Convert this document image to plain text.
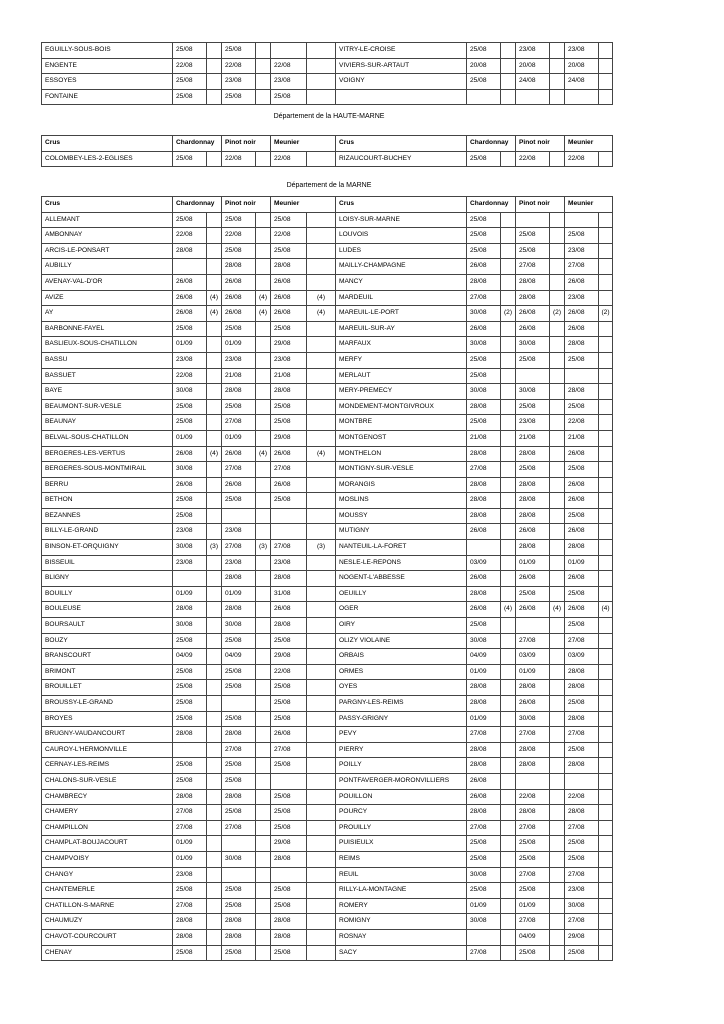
EGUILLY-SOUS-BOIS	25/08		25/08				VITRY-LE-CROISE	25/08		23/08		23/08	
ENGENTE	22/08		22/08		22/08		VIVIERS-SUR-ARTAUT	20/08		20/08		20/08	
ESSOYES	25/08		23/08		23/08		VOIGNY	25/08		24/08		24/08	
FONTAINE	25/08		25/08		25/08								
Département de la HAUTE-MARNE
Crus	Chardonnay		Pinot noir		Meunier		Crus	Chardonnay		Pinot noir		Meunier	
COLOMBEY-LES-2-EGLISES	25/08		22/08		22/08		RIZAUCOURT-BUCHEY	25/08		22/08		22/08	
Département de la MARNE
Crus	Chardonnay		Pinot noir		Meunier		Crus	Chardonnay		Pinot noir		Meunier	
ALLEMANT	25/08		25/08		25/08		LOISY-SUR-MARNE	25/08					
AMBONNAY	22/08		22/08		22/08		LOUVOIS	25/08		25/08		25/08	
ARCIS-LE-PONSART	28/08		25/08		25/08		LUDES	25/08		25/08		23/08	
AUBILLY			28/08		28/08		MAILLY-CHAMPAGNE	26/08		27/08		27/08	
AVENAY-VAL-D'OR	26/08		26/08		26/08		MANCY	28/08		28/08		26/08	
AVIZE	26/08	(4)	26/08	(4)	26/08	(4)	MARDEUIL	27/08		28/08		23/08	
AY	26/08	(4)	26/08	(4)	26/08	(4)	MAREUIL-LE-PORT	30/08	(2)	26/08	(2)	26/08	(2)
BARBONNE-FAYEL	25/08		25/08		25/08		MAREUIL-SUR-AY	26/08		26/08		26/08	
BASLIEUX-SOUS-CHATILLON	01/09		01/09		29/08		MARFAUX	30/08		30/08		28/08	
BASSU	23/08		23/08		23/08		MERFY	25/08		25/08		25/08	
BASSUET	22/08		21/08		21/08		MERLAUT	25/08					
BAYE	30/08		28/08		28/08		MERY-PREMECY	30/08		30/08		28/08	
BEAUMONT-SUR-VESLE	25/08		25/08		25/08		MONDEMENT-MONTGIVROUX	28/08		25/08		25/08	
BEAUNAY	25/08		27/08		25/08		MONTBRE	25/08		23/08		22/08	
BELVAL-SOUS-CHATILLON	01/09		01/09		29/08		MONTGENOST	21/08		21/08		21/08	
BERGERES-LES-VERTUS	26/08	(4)	26/08	(4)	26/08	(4)	MONTHELON	28/08		28/08		26/08	
BERGERES-SOUS-MONTMIRAIL	30/08		27/08		27/08		MONTIGNY-SUR-VESLE	27/08		25/08		25/08	
BERRU	26/08		26/08		26/08		MORANGIS	28/08		28/08		26/08	
BETHON	25/08		25/08		25/08		MOSLINS	28/08		28/08		26/08	
BEZANNES	25/08						MOUSSY	28/08		28/08		25/08	
BILLY-LE-GRAND	23/08		23/08				MUTIGNY	26/08		26/08		26/08	
BINSON-ET-ORQUIGNY	30/08	(3)	27/08	(3)	27/08	(3)	NANTEUIL-LA-FORET			28/08		28/08	
BISSEUIL	23/08		23/08		23/08		NESLE-LE-REPONS	03/09		01/09		01/09	
BLIGNY			28/08		28/08		NOGENT-L'ABBESSE	26/08		26/08		26/08	
BOUILLY	01/09		01/09		31/08		OEUILLY	28/08		25/08		25/08	
BOULEUSE	28/08		28/08		26/08		OGER	26/08	(4)	26/08	(4)	26/08	(4)
BOURSAULT	30/08		30/08		28/08		OIRY	25/08				25/08	
BOUZY	25/08		25/08		25/08		OLIZY VIOLAINE	30/08		27/08		27/08	
BRANSCOURT	04/09		04/09		29/08		ORBAIS	04/09		03/09		03/09	
BRIMONT	25/08		25/08		22/08		ORMES	01/09		01/09		28/08	
BROUILLET	25/08		25/08		25/08		OYES	28/08		28/08		28/08	
BROUSSY-LE-GRAND	25/08				25/08		PARGNY-LES-REIMS	28/08		26/08		25/08	
BROYES	25/08		25/08		25/08		PASSY-GRIGNY	01/09		30/08		28/08	
BRUGNY-VAUDANCOURT	28/08		28/08		26/08		PEVY	27/08		27/08		27/08	
CAUROY-L'HERMONVILLE			27/08		27/08		PIERRY	28/08		28/08		25/08	
CERNAY-LES-REIMS	25/08		25/08		25/08		POILLY	28/08		28/08		28/08	
CHALONS-SUR-VESLE	25/08		25/08				PONTFAVERGER-MORONVILLIERS	26/08					
CHAMBRECY	28/08		28/08		25/08		POUILLON	26/08		22/08		22/08	
CHAMERY	27/08		25/08		25/08		POURCY	28/08		28/08		28/08	
CHAMPILLON	27/08		27/08		25/08		PROUILLY	27/08		27/08		27/08	
CHAMPLAT-BOUJACOURT	01/09				29/08		PUISIEULX	25/08		25/08		25/08	
CHAMPVOISY	01/09		30/08		28/08		REIMS	25/08		25/08		25/08	
CHANGY	23/08						REUIL	30/08		27/08		27/08	
CHANTEMERLE	25/08		25/08		25/08		RILLY-LA-MONTAGNE	25/08		25/08		23/08	
CHATILLON-S-MARNE	27/08		25/08		25/08		ROMERY	01/09		01/09		30/08	
CHAUMUZY	28/08		28/08		28/08		ROMIGNY	30/08		27/08		27/08	
CHAVOT-COURCOURT	28/08		28/08		28/08		ROSNAY			04/09		29/08	
CHENAY	25/08		25/08		25/08		SACY	27/08		25/08		25/08	
